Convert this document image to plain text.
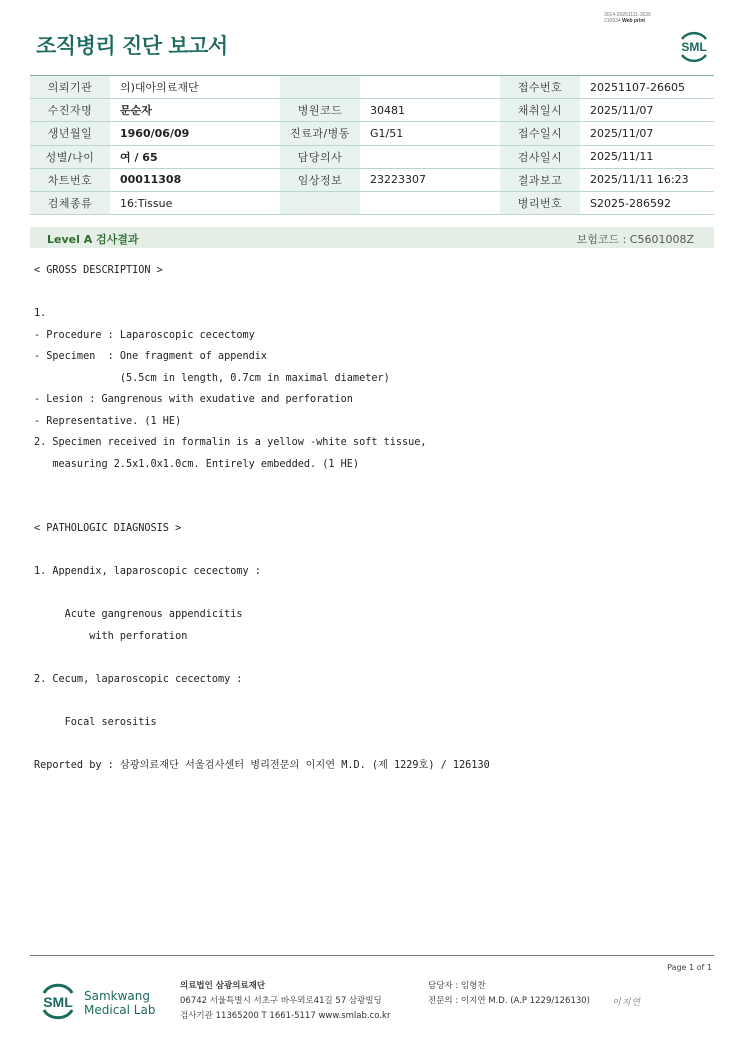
3014-20251111-1639
210034 Web print
조직병리 진단 보고서	SML
의뢰기관	의)대아의료재단			접수번호	20251107-26605
수진자명	문순자	병원코드	30481	채취일시	2025/11/07
생년월일	1960/06/09	진료과/병동	G1/51	접수일시	2025/11/07
성별/나이	여 / 65	담당의사		검사일시	2025/11/11
차트번호	00011308	임상정보	23223307	결과보고	2025/11/11 16:23
검체종류	16:Tissue			병리번호	S2025-286592
Level A 검사결과	보험코드 : C5601008Z
< GROSS DESCRIPTION >
1.
- Procedure : Laparoscopic cecectomy
- Specimen  : One fragment of appendix
(5.5cm in length, 0.7cm in maximal diameter)
- Lesion : Gangrenous with exudative and perforation
- Representative. (1 HE)
2. Specimen received in formalin is a yellow -white soft tissue,
measuring 2.5x1.0x1.0cm. Entirely embedded. (1 HE)
< PATHOLOGIC DIAGNOSIS >
1. Appendix, laparoscopic cecectomy :
Acute gangrenous appendicitis
with perforation
2. Cecum, laparoscopic cecectomy :
Focal serositis
Reported by : 삼광의료재단 서울검사센터 병리전문의 이지연 M.D. (제 1229호) / 126130
Page 1 of 1
SML Samkwang
Medical Lab
의료법인 삼광의료재단
06742 서울특별시 서초구 바우뫼로41길 57 삼광빌딩
검사기관 11365200 T 1661-5117 www.smlab.co.kr
담당자 : 임형찬
전문의 : 이지연 M.D. (A.P 1229/126130) 이지연
